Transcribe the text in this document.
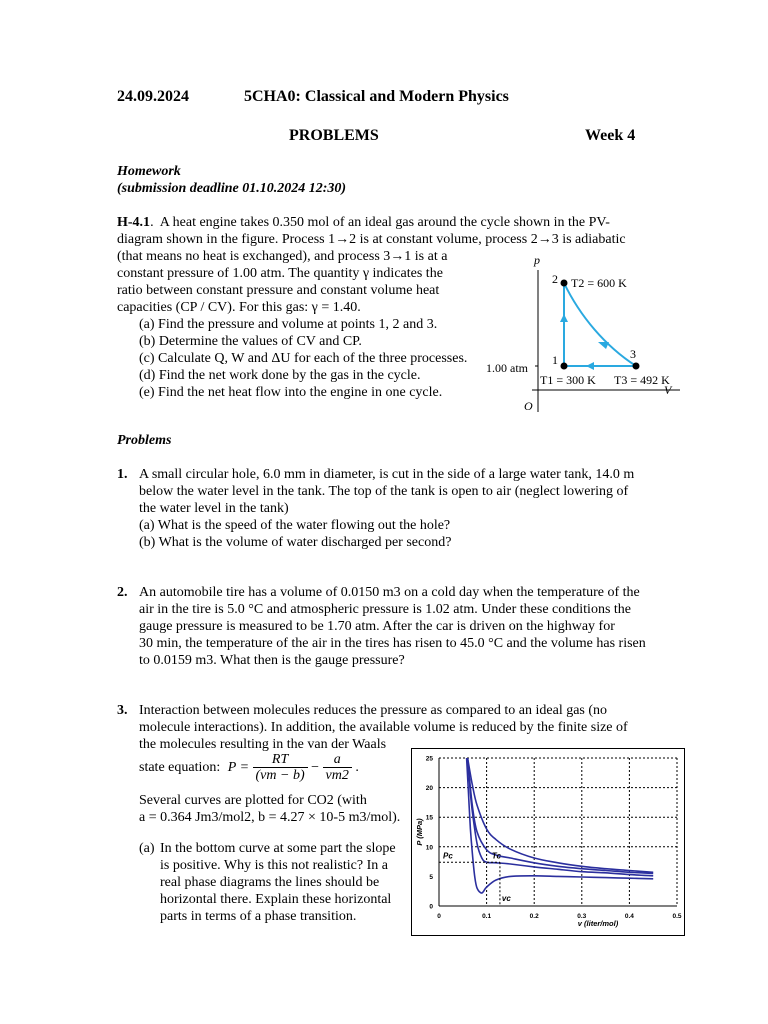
24.09.2024	5CHA0: Classical and Modern Physics
PROBLEMS	Week 4
Homework
(submission deadline 01.10.2024 12:30)
H-4.1.  A heat engine takes 0.350 mol of an ideal gas around the cycle shown in the PV-
diagram shown in the figure. Process 1→2 is at constant volume, process 2→3 is adiabatic
(that means no heat is exchanged), and process 3→1 is at a
constant pressure of 1.00 atm. The quantity γ indicates the
ratio between constant pressure and constant volume heat
capacities (CP / CV). For this gas: γ = 1.40.
(a) Find the pressure and volume at points 1, 2 and 3.
(b) Determine the values of CV and CP.
(c) Calculate Q, W and ΔU for each of the three processes.
(d) Find the net work done by the gas in the cycle.
(e) Find the net heat flow into the engine in one cycle.
p
V
O
1.00 atm
2
1	3
T2 = 600 K
T1 = 300 K T3 = 492 K
Problems
1. A small circular hole, 6.0 mm in diameter, is cut in the side of a large water tank, 14.0 m
below the water level in the tank. The top of the tank is open to air (neglect lowering of
the water level in the tank)
(a) What is the speed of the water flowing out the hole?
(b) What is the volume of water discharged per second?
2. An automobile tire has a volume of 0.0150 m3 on a cold day when the temperature of the
air in the tire is 5.0 °C and atmospheric pressure is 1.02 atm. Under these conditions the
gauge pressure is measured to be 1.70 atm. After the car is driven on the highway for
30 min, the temperature of the air in the tires has risen to 45.0 °C and the volume has risen
to 0.0159 m3. What then is the gauge pressure?
3. Interaction between molecules reduces the pressure as compared to an ideal gas (no
molecule interactions). In addition, the available volume is reduced by the finite size of
the molecules resulting in the van der Waals
state equation: $P = \frac{RT}{(vm - b)} - \frac{a}{vm2}$ .
Several curves are plotted for CO2 (with
a = 0.364 Jm3/mol2, b = 4.27 × 10-5 m3/mol).
(a) In the bottom curve at some part the slope
is positive. Why is this not realistic? In a
real phase diagrams the lines should be
horizontal there. Explain these horizontal
parts in terms of a phase transition.	0	0.1	0.2	0.3	0.4	0.5
0
5
10
15
20
25
v (liter/mol)
P (MPa)
Pc	Tc
vc
